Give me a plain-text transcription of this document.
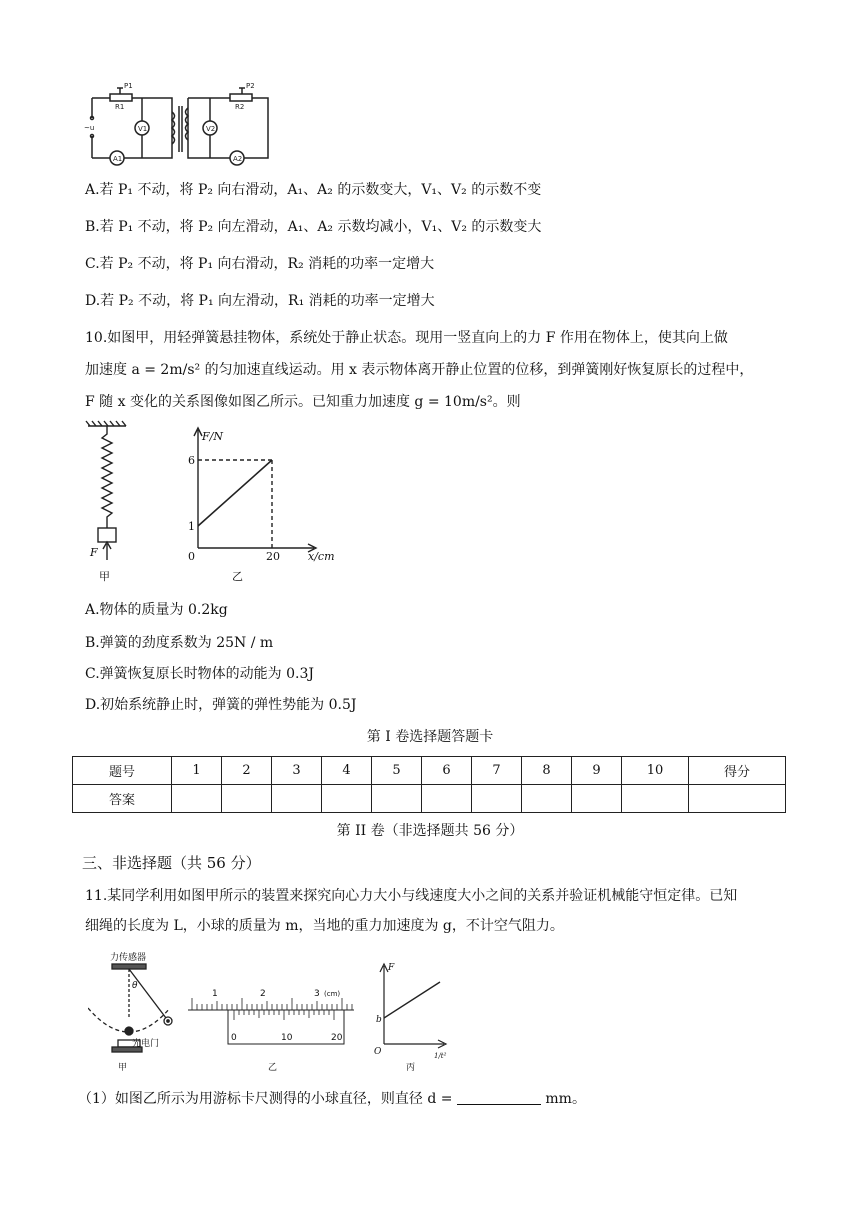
P1
R1
~u	V1
A1
P2
R2
V2
A2
A.若 P₁ 不动，将 P₂ 向右滑动，A₁、A₂ 的示数变大，V₁、V₂ 的示数不变
B.若 P₁ 不动，将 P₂ 向左滑动，A₁、A₂ 示数均减小，V₁、V₂ 的示数变大
C.若 P₂ 不动，将 P₁ 向右滑动，R₂ 消耗的功率一定增大
D.若 P₂ 不动，将 P₁ 向左滑动，R₁ 消耗的功率一定增大
10.如图甲，用轻弹簧悬挂物体，系统处于静止状态。现用一竖直向上的力 F 作用在物体上，使其向上做
加速度 a = 2m/s² 的匀加速直线运动。用 x 表示物体离开静止位置的位移，到弹簧刚好恢复原长的过程中，
F 随 x 变化的关系图像如图乙所示。已知重力加速度 g = 10m/s²。则
F
甲
F/N
x/cm
0
1
6
20
乙
A.物体的质量为 0.2kg
B.弹簧的劲度系数为 25N / m
C.弹簧恢复原长时物体的动能为 0.3J
D.初始系统静止时，弹簧的弹性势能为 0.5J
第 I 卷选择题答题卡
题号	1	2	3	4	5	6	7	8	9	10	得分
答案											
第 II 卷（非选择题共 56 分）
三、非选择题（共 56 分）
11.某同学利用如图甲所示的装置来探究向心力大小与线速度大小之间的关系并验证机械能守恒定律。已知
细绳的长度为 L，小球的质量为 m，当地的重力加速度为 g，不计空气阻力。
力传感器
θ
光电门
甲
1	2	3 (cm)
0	10	20
乙
F
b
O	1/t²
丙
（1）如图乙所示为用游标卡尺测得的小球直径，则直径 d =	mm。
